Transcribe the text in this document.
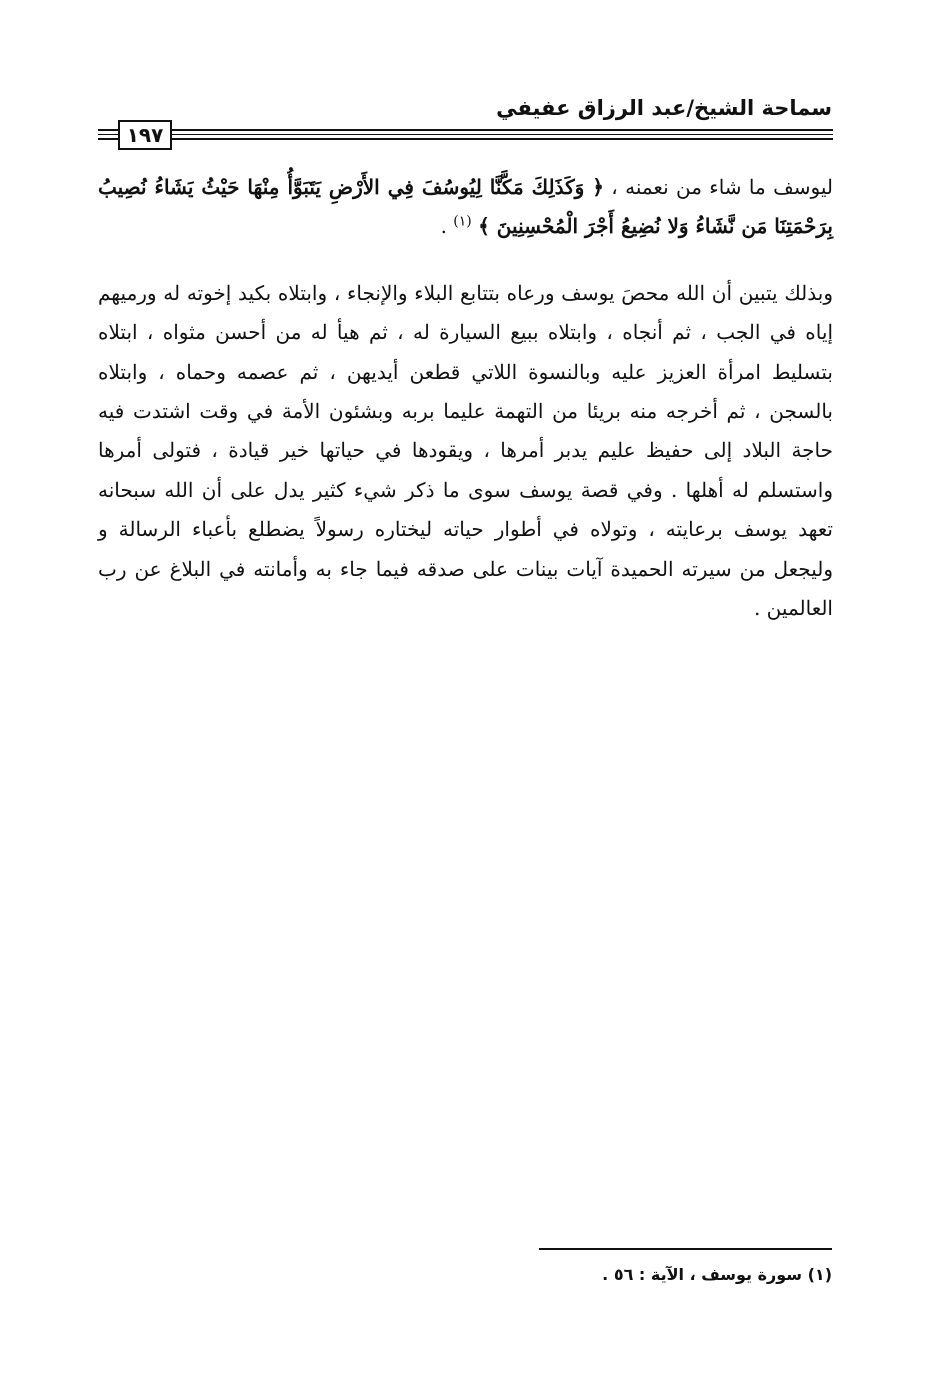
سماحة الشيخ/عبد الرزاق عفيفي
١٩٧

ليوسف ما شاء من نعمنه ، ﴿ وَكَذَلِكَ مَكَّنَّا لِيُوسُفَ فِي الأَرْضِ يَتَبَوَّأُ مِنْهَا حَيْثُ يَشَاءُ نُصِيبُ بِرَحْمَتِنَا مَن نَّشَاءُ وَلا نُضِيعُ أَجْرَ الْمُحْسِنِينَ ﴾ $^{(١)}$ .

وبذلك يتبين أن الله محصَ يوسف ورعاه بتتابع البلاء والإنجاء ، وابتلاه بكيد إخوته له ورميهم إياه في الجب ، ثم أنجاه ، وابتلاه ببيع السيارة له ، ثم هيأ له من أحسن مثواه ، ابتلاه بتسليط امرأة العزيز عليه وبالنسوة اللاتي قطعن أيديهن ، ثم عصمه وحماه ، وابتلاه بالسجن ، ثم أخرجه منه بريئا من التهمة عليما بربه وبشئون الأمة في وقت اشتدت فيه حاجة البلاد إلى حفيظ عليم يدبر أمرها ، ويقودها في حياتها خير قيادة ، فتولى أمرها واستسلم له أهلها . وفي قصة يوسف سوى ما ذكر شيء كثير يدل على أن الله سبحانه تعهد يوسف برعايته ، وتولاه في أطوار حياته ليختاره رسولاً يضطلع بأعباء الرسالة و وليجعل من سيرته الحميدة آيات بينات على صدقه فيما جاء به وأمانته في البلاغ عن رب العالمين .

(١) سورة يوسف ، الآية : ٥٦ .
